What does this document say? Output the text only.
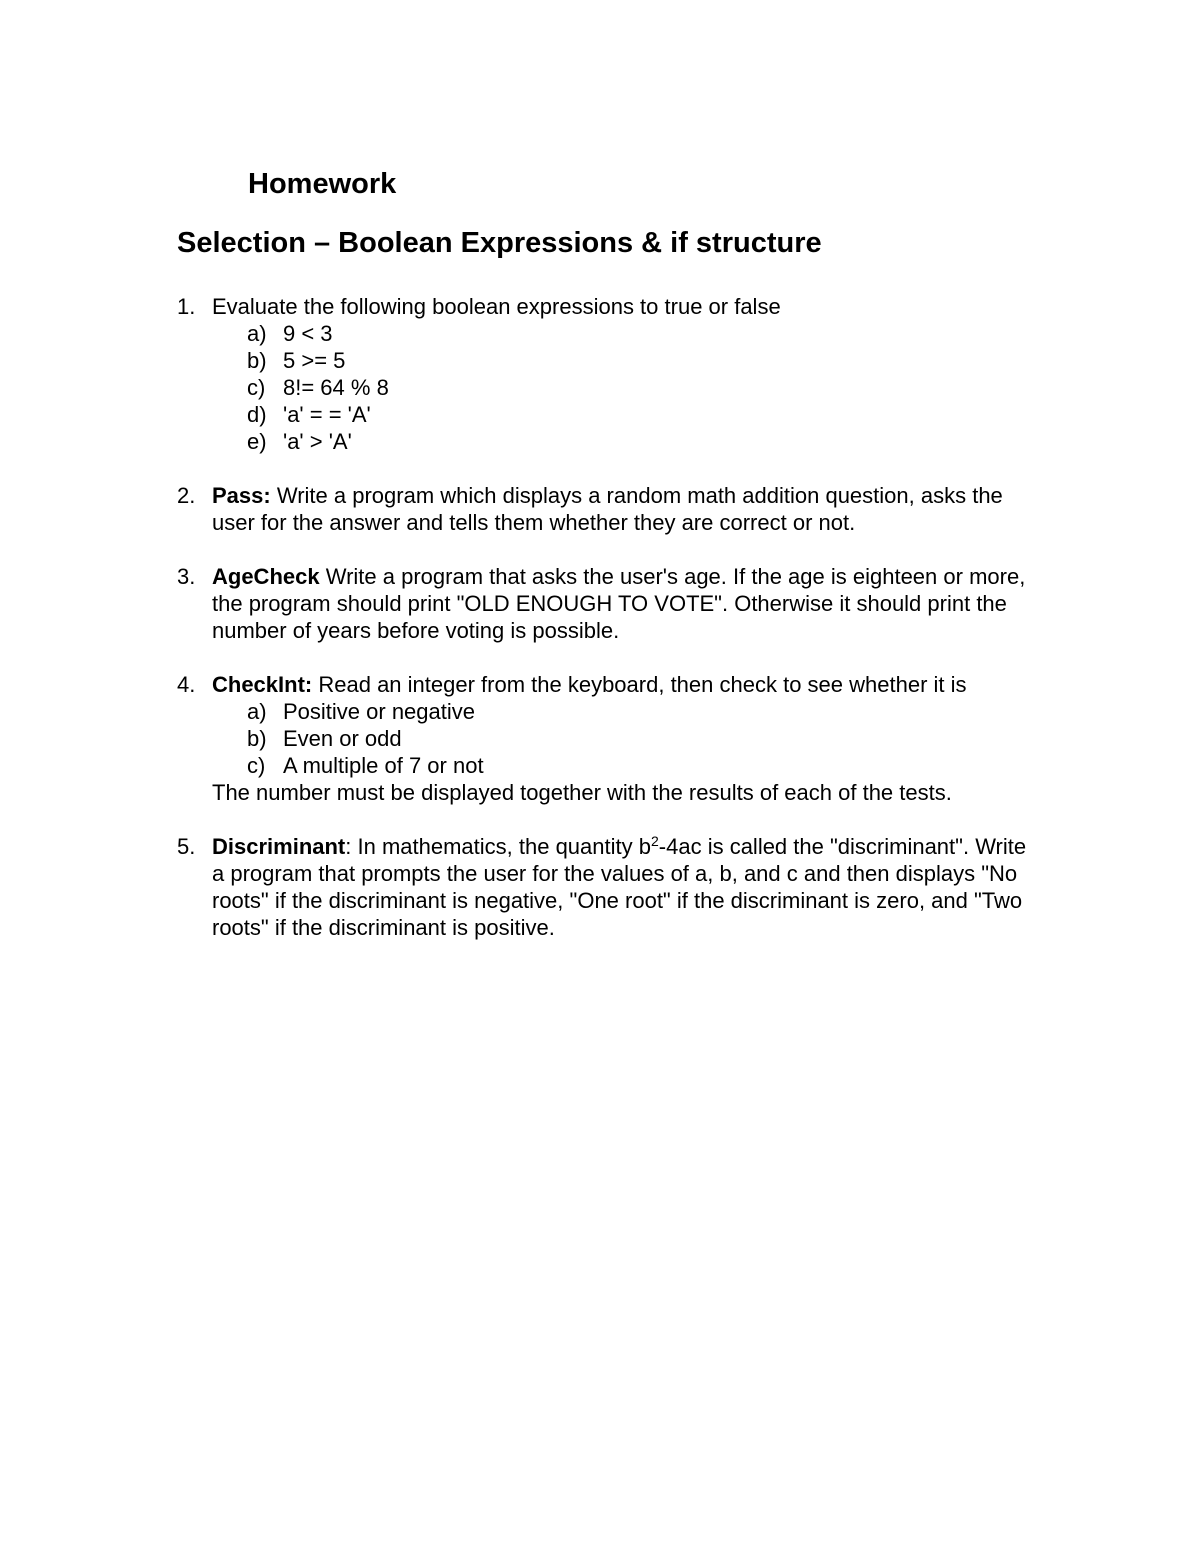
Homework
Selection – Boolean Expressions & if structure
1. Evaluate the following boolean expressions to true or false
a) 9 < 3
b) 5 >= 5
c) 8!= 64 % 8
d) 'a' = = 'A'
e) 'a' > 'A'
2. Pass: Write a program which displays a random math addition question, asks the user for the answer and tells them whether they are correct or not.
3. AgeCheck Write a program that asks the user's age. If the age is eighteen or more, the program should print "OLD ENOUGH TO VOTE". Otherwise it should print the number of years before voting is possible.
4. CheckInt: Read an integer from the keyboard, then check to see whether it is
a) Positive or negative
b) Even or odd
c) A multiple of 7 or not
The number must be displayed together with the results of each of the tests.
5. Discriminant: In mathematics, the quantity $b^2-4ac$ is called the "discriminant". Write a program that prompts the user for the values of a, b, and c and then displays "No roots" if the discriminant is negative, "One root" if the discriminant is zero, and "Two roots" if the discriminant is positive.
